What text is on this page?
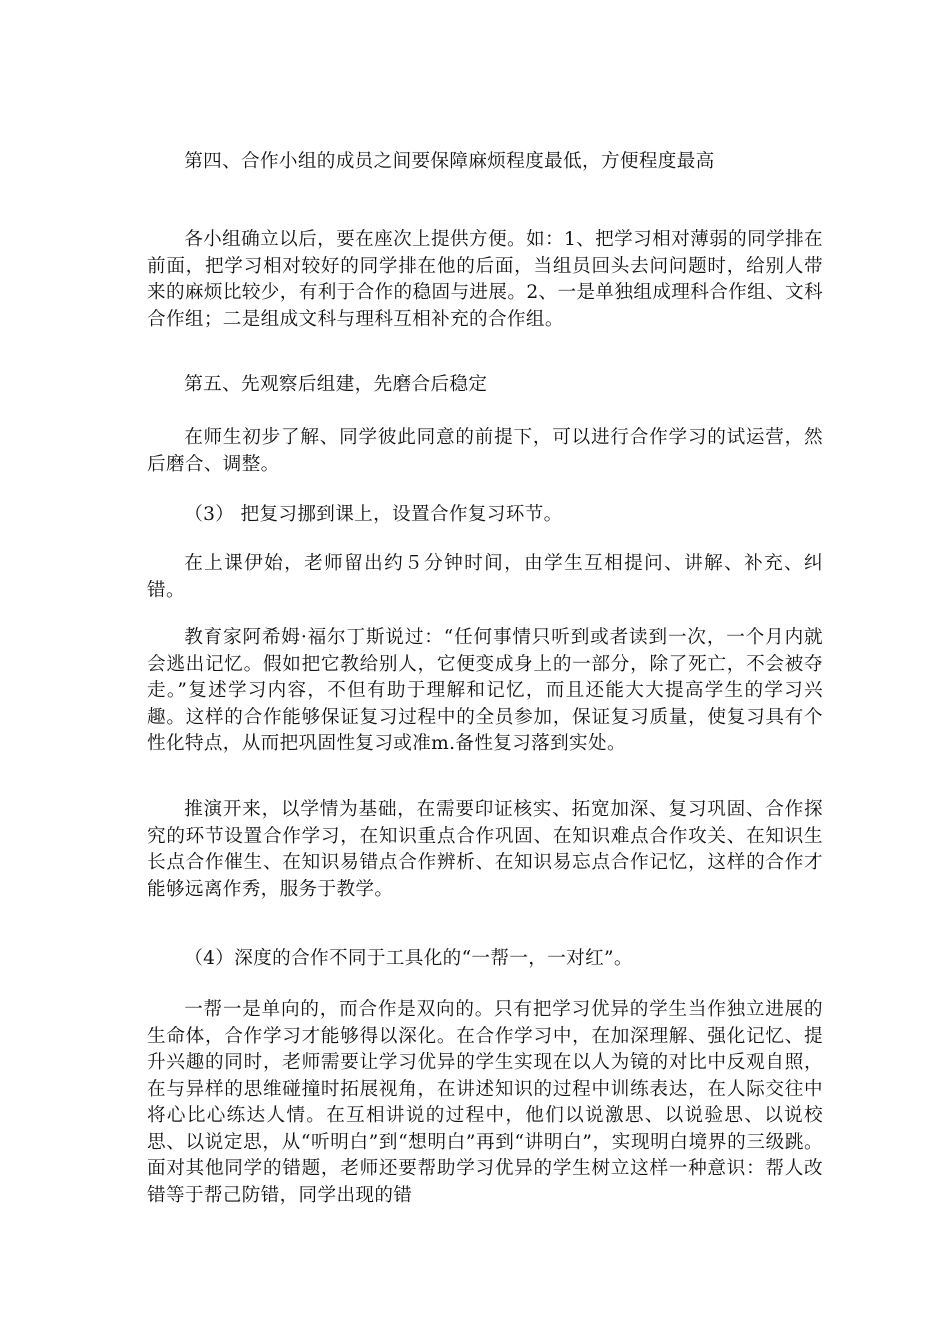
第四、合作小组的成员之间要保障麻烦程度最低，方便程度最高

各小组确立以后，要在座次上提供方便。如：1、把学习相对薄弱的同学排在前面，把学习相对较好的同学排在他的后面，当组员回头去问问题时，给别人带来的麻烦比较少，有利于合作的稳固与进展。2、一是单独组成理科合作组、文科合作组；二是组成文科与理科互相补充的合作组。

第五、先观察后组建，先磨合后稳定

在师生初步了解、同学彼此同意的前提下，可以进行合作学习的试运营，然后磨合、调整。

（3） 把复习挪到课上，设置合作复习环节。

在上课伊始，老师留出约５分钟时间，由学生互相提问、讲解、补充、纠错。

教育家阿希姆·福尔丁斯说过：“任何事情只听到或者读到一次，一个月内就会逃出记忆。假如把它教给别人，它便变成身上的一部分，除了死亡，不会被夺走。”复述学习内容，不但有助于理解和记忆，而且还能大大提高学生的学习兴趣。这样的合作能够保证复习过程中的全员参加，保证复习质量，使复习具有个性化特点，从而把巩固性复习或准m.备性复习落到实处。

推演开来，以学情为基础，在需要印证核实、拓宽加深、复习巩固、合作探究的环节设置合作学习，在知识重点合作巩固、在知识难点合作攻关、在知识生长点合作催生、在知识易错点合作辨析、在知识易忘点合作记忆，这样的合作才能够远离作秀，服务于教学。

（4）深度的合作不同于工具化的“一帮一，一对红”。

一帮一是单向的，而合作是双向的。只有把学习优异的学生当作独立进展的生命体，合作学习才能够得以深化。在合作学习中，在加深理解、强化记忆、提升兴趣的同时，老师需要让学习优异的学生实现在以人为镜的对比中反观自照，在与异样的思维碰撞时拓展视角，在讲述知识的过程中训练表达，在人际交往中将心比心练达人情。在互相讲说的过程中，他们以说激思、以说验思、以说校思、以说定思，从“听明白”到“想明白”再到“讲明白”，实现明白境界的三级跳。面对其他同学的错题，老师还要帮助学习优异的学生树立这样一种意识：帮人改错等于帮己防错，同学出现的错
